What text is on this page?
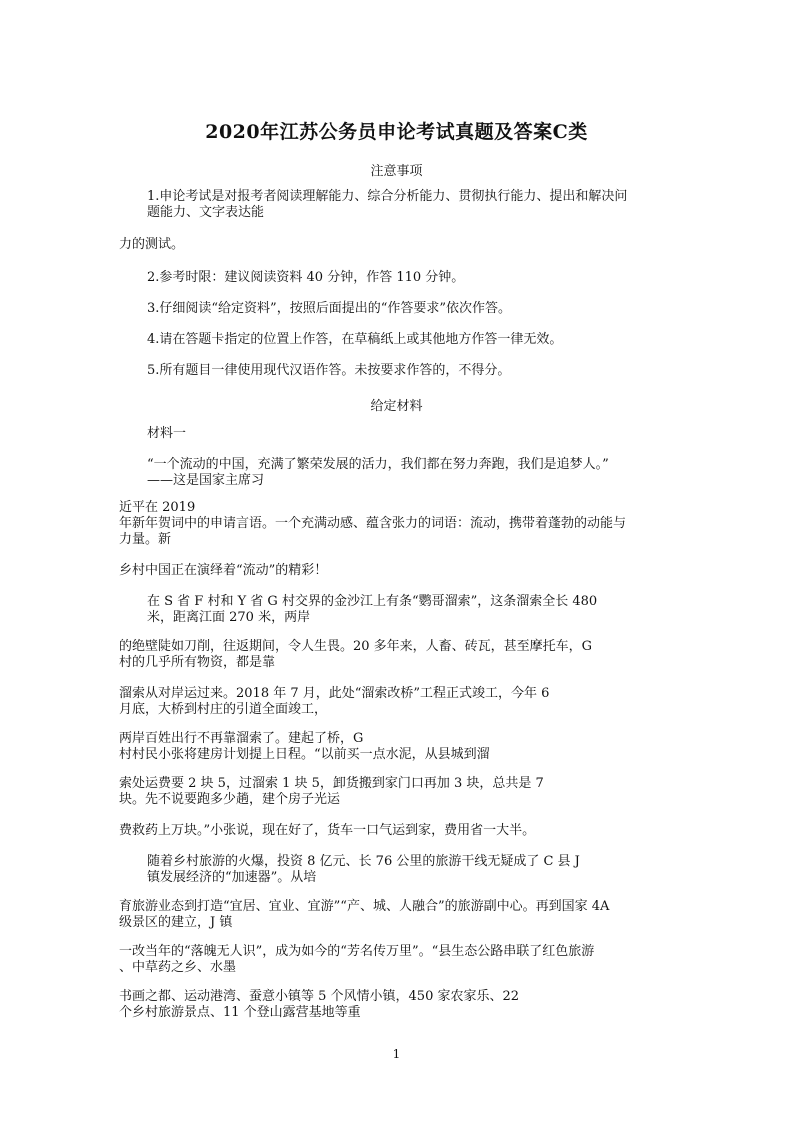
2020年江苏公务员申论考试真题及答案C类
注意事项
1.申论考试是对报考者阅读理解能力、综合分析能力、贯彻执行能力、提出和解决问
题能力、文字表达能
力的测试。
2.参考时限：建议阅读资料 40 分钟，作答 110 分钟。
3.仔细阅读“给定资料”，按照后面提出的“作答要求”依次作答。
4.请在答题卡指定的位置上作答，在草稿纸上或其他地方作答一律无效。
5.所有题目一律使用现代汉语作答。未按要求作答的，不得分。
给定材料
材料一
“一个流动的中国，充满了繁荣发展的活力，我们都在努力奔跑，我们是追梦人。”
——这是国家主席习
近平在 2019
年新年贺词中的申请言语。一个充满动感、蕴含张力的词语：流动，携带着蓬勃的动能与
力量。新
乡村中国正在演绎着“流动”的精彩！
在 S 省 F 村和 Y 省 G 村交界的金沙江上有条“鹦哥溜索”，这条溜索全长 480
米，距离江面 270 米，两岸
的绝壁陡如刀削，往返期间，令人生畏。20 多年来，人畜、砖瓦，甚至摩托车，G
村的几乎所有物资，都是靠
溜索从对岸运过来。2018 年 7 月，此处“溜索改桥”工程正式竣工，今年 6
月底，大桥到村庄的引道全面竣工，
两岸百姓出行不再靠溜索了。建起了桥，G
村村民小张将建房计划提上日程。“以前买一点水泥，从县城到溜
索处运费要 2 块 5，过溜索 1 块 5，卸货搬到家门口再加 3 块，总共是 7
块。先不说要跑多少趟，建个房子光运
费救药上万块。”小张说，现在好了，货车一口气运到家，费用省一大半。
随着乡村旅游的火爆，投资 8 亿元、长 76 公里的旅游干线无疑成了 C 县 J
镇发展经济的“加速器”。从培
育旅游业态到打造“宜居、宜业、宜游”“产、城、人融合”的旅游副中心。再到国家 4A
级景区的建立，J 镇
一改当年的“落魄无人识”，成为如今的“芳名传万里”。“县生态公路串联了红色旅游
、中草药之乡、水墨
书画之都、运动港湾、蚕意小镇等 5 个风情小镇，450 家农家乐、22
个乡村旅游景点、11 个登山露营基地等重
1
